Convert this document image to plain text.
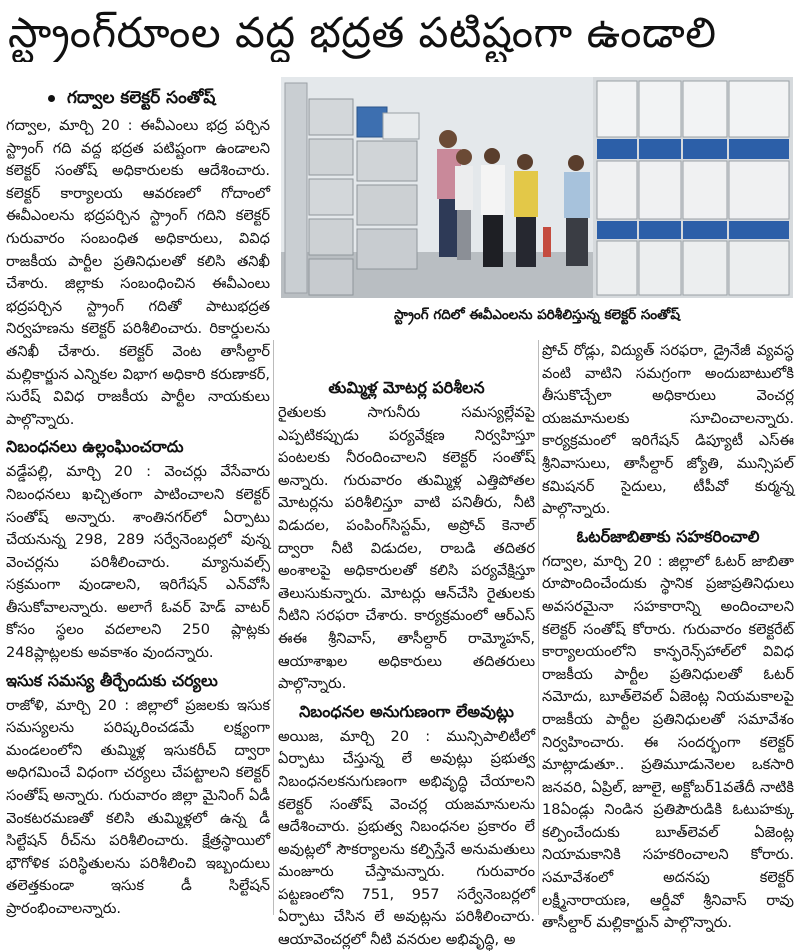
స్ట్రాంగ్‌రూంల వద్ద భద్రత పటిష్టంగా ఉండాలి
గద్వాల కలెక్టర్ సంతోష్
స్ట్రాంగ్ గదిలో ఈవీఎంలను పరిశీలిస్తున్న కలెక్టర్ సంతోష్

గద్వాల, మార్చి 20 : ఈవీఎంలు భద్ర పర్చిన స్ట్రాంగ్ గది వద్ద భద్రత పటిష్టంగా ఉండాలని కలెక్టర్ సంతోష్ అధికారులకు ఆదేశించారు. కలెక్టర్ కార్యాలయ ఆవరణలో గోదాంలో ఈవీఎంలను భద్రపర్చిన స్ట్రాంగ్ గదిని కలెక్టర్ గురువారం సంబంధిత అధికారులు, వివిధ రాజకీయ పార్టీల ప్రతినిధులతో కలిసి తనిఖీ చేశారు. జిల్లాకు సంబంధించిన ఈవీఎంలు భద్రపర్చిన స్ట్రాంగ్ గదితో పాటుభద్రత నిర్వహణను కలెక్టర్ పరిశీలించారు. రికార్డులను తనిఖీ చేశారు. కలెక్టర్ వెంట తాసీల్దార్ మల్లికార్జున ఎన్నికల విభాగ అధికారి కరుణాకర్, సురేష్ వివిధ రాజకీయ పార్టీల నాయకులు పాల్గొన్నారు.

నిబంధనలు ఉల్లంఘించరాదు

వడ్డేపల్లి, మార్చి 20 : వెంచర్లు వేసేవారు నిబంధనలు ఖచ్చితంగా పాటించాలని కలెక్టర్ సంతోష్ అన్నారు. శాంతినగర్‌లో ఏర్పాటు చేయనున్న 298, 289 సర్వేనెంబర్లలో వున్న వెంచర్లను పరిశీలించారు. మ్యానువల్స్ సక్రమంగా వుండాలని, ఇరిగేషన్ ఎన్‌వోసీ తీసుకోవాలన్నారు. అలాగే ఓవర్ హెడ్ వాటర్ కోసం స్థలం వదలాలని 250 ప్లాట్లకు 248ప్లాట్లలకు అవకాశం వుందన్నారు.

ఇసుక సమస్య తీర్చేందుకు చర్యలు

రాజోళి, మార్చి 20 : జిల్లాలో ప్రజలకు ఇసుక సమస్యలను పరిష్కరించడమే లక్ష్యంగా మండలంలోని తుమ్మిళ్ల ఇసుకరీచ్ ద్వారా అధిగమించే విధంగా చర్యలు చేపట్టాలని కలెక్టర్ సంతోష్ అన్నారు. గురువారం జిల్లా మైనింగ్ ఏడీ వెంకటరమణతో కలిసి తుమ్మిళ్లలో ఉన్న డీ సిల్టేషన్ రీచ్‌ను పరిశీలించారు. క్షేత్రస్థాయిలో భౌగోళిక పరిస్థితులను పరిశీలించి ఇబ్బందులు తలెత్తకుండా ఇసుక డీ సిల్టేషన్ ప్రారంభించాలన్నారు.

తుమ్మిళ్ల మోటర్ల పరిశీలన

రైతులకు సాగునీరు సమస్యల్లేవపై ఎప్పటికప్పుడు పర్యవేక్షణ నిర్వహిస్తూ పంటలకు నీరందించాలని కలెక్టర్ సంతోష్ అన్నారు. గురువారం తుమ్మిళ్ల ఎత్తిపోతల మోటర్లను పరిశీలిస్తూ వాటి పనితీరు, నీటి విడుదల, పంపింగ్‌సిస్టమ్, అప్రోచ్ కెనాల్ ద్వారా నీటి విడుదల, రాబడి తదితర అంశాలపై అధికారులతో కలిసి పర్యవేక్షిస్తూ తెలుసుకున్నారు. మోటర్లు ఆన్‌చేసి రైతులకు నీటిని సరఫరా చేశారు. కార్యక్రమంలో ఆర్‌ఎస్ ఈఈ శ్రీనివాస్, తాసీల్దార్ రామ్మోహన్, ఆయాశాఖల అధికారులు తదితరులు పాల్గొన్నారు.

నిబంధనల అనుగుణంగా లేఅవుట్లు

అయిజ, మార్చి 20 : మున్సిపాలిటీలో ఏర్పాటు చేస్తున్న లే అవుట్లు ప్రభుత్వ నిబంధనలకనుగుణంగా అభివృద్ధి చేయాలని కలెక్టర్ సంతోష్ వెంచర్ల యజమానులను ఆదేశించారు. ప్రభుత్వ నిబంధనల ప్రకారం లే అవుట్లలో సౌకర్యాలను కల్పిస్తేనే అనుమతులు మంజూరు చేస్తామన్నారు. గురువారం పట్టణంలోని 751, 957 సర్వేనెంబర్లలో ఏర్పాటు చేసిన లే అవుట్లను పరిశీలించారు. ఆయావెంచర్లలో నీటి వనరుల అభివృద్ధి, అ

ప్రోచ్ రోడ్లు, విద్యుత్ సరఫరా, డ్రైనేజీ వ్యవస్థ వంటి వాటిని సమగ్రంగా అందుబాటులోకి తీసుకొచ్చేలా అధికారులు వెంచర్ల యజమానులకు సూచించాలన్నారు. కార్యక్రమంలో ఇరిగేషన్ డిప్యూటీ ఎస్ఈ శ్రీనివాసులు, తాసీల్దార్ జ్యోతి, మున్సిపల్ కమిషనర్ సైదులు, టీపీవో కుర్మన్న పాల్గొన్నారు.

ఓటర్‌జాబితాకు సహకరించాలి

గద్వాల, మార్చి 20 : జిల్లాలో ఓటర్ జాబితా రూపొందించేందుకు స్థానిక ప్రజాప్రతినిధులు అవసరమైనా సహకారాన్ని అందించాలని కలెక్టర్ సంతోష్ కోరారు. గురువారం కలెక్టరేట్ కార్యాలయంలోని కాన్ఫరెన్స్‌హాల్‌లో వివిధ రాజకీయ పార్టీల ప్రతినిధులతో ఓటర్ నమోదు, బూత్‌లెవల్ ఏజెంట్ల నియమకాలపై రాజకీయ పార్టీల ప్రతినిధులతో సమావేశం నిర్వహించారు. ఈ సందర్భంగా కలెక్టర్ మాట్లాడుతూ.. ప్రతిమూడునెలల ఒకసారి జనవరి, ఏప్రిల్, జూలై, అక్టోబర్1వతేదీ నాటికి 18ఏండ్లు నిండిన ప్రతిపౌరుడికి ఓటుహక్కు కల్పించేందుకు బూత్‌లెవల్ ఏజెంట్ల నియామకానికి సహకరించాలని కోరారు. సమావేశంలో అదనపు కలెక్టర్ లక్ష్మీనారాయణ, ఆర్డీవో శ్రీనివాస్ రావు తాసీల్దార్ మల్లికార్జున్ పాల్గొన్నారు.
